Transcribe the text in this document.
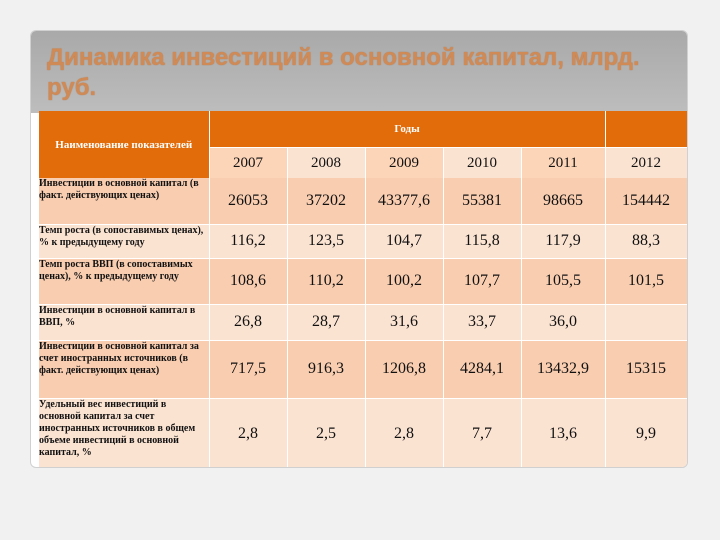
Динамика инвестиций в основной капитал, млрд. руб.
Наименование показателей	Годы					
	2007	2008	2009	2010	2011	2012
Инвестиции в основной капитал (в факт. действующих ценах)	26053	37202	43377,6	55381	98665	154442
Темп роста (в сопоставимых ценах), % к предыдущему году	116,2	123,5	104,7	115,8	117,9	88,3
Темп роста ВВП (в сопоставимых ценах), % к предыдущему году	108,6	110,2	100,2	107,7	105,5	101,5
Инвестиции в основной капитал в ВВП, %	26,8	28,7	31,6	33,7	36,0	
Инвестиции в основной капитал за счет иностранных источников (в факт. действующих ценах)	717,5	916,3	1206,8	4284,1	13432,9	15315
Удельный вес инвестиций в основной капитал за счет иностранных источников в общем объеме инвестиций в основной капитал, %	2,8	2,5	2,8	7,7	13,6	9,9
